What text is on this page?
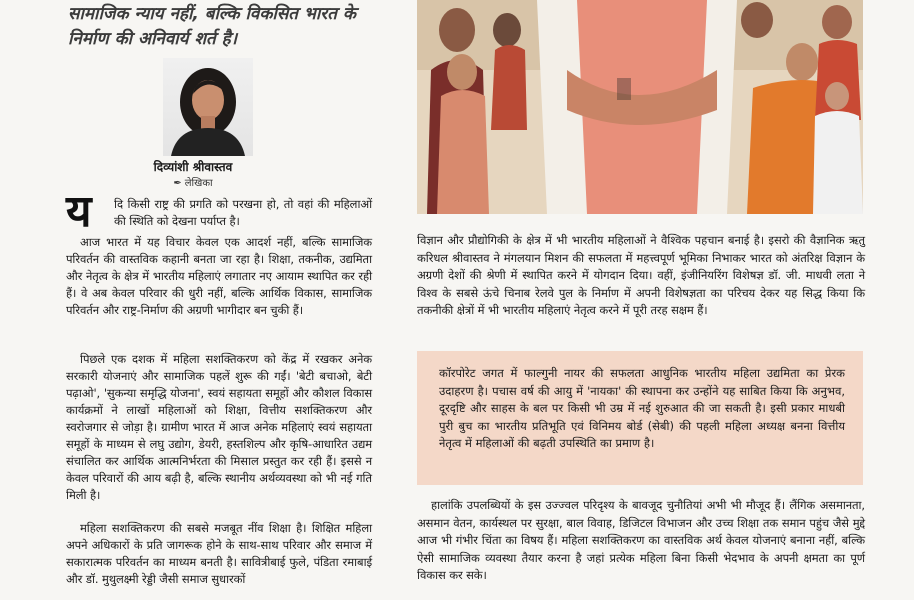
सामाजिक न्याय नहीं, बल्कि विकसित भारत के निर्माण की अनिवार्य शर्त है।
दिव्यांशी श्रीवास्तव
✒ लेखिका
य दि किसी राष्ट्र की प्रगति को परखना हो, तो वहां की महिलाओं की स्थिति को देखना पर्याप्त है।
आज भारत में यह विचार केवल एक आदर्श नहीं, बल्कि सामाजिक परिवर्तन की वास्तविक कहानी बनता जा रहा है। शिक्षा, तकनीक, उद्यमिता और नेतृत्व के क्षेत्र में भारतीय महिलाएं लगातार नए आयाम स्थापित कर रही हैं। वे अब केवल परिवार की धुरी नहीं, बल्कि आर्थिक विकास, सामाजिक परिवर्तन और राष्ट्र-निर्माण की अग्रणी भागीदार बन चुकी हैं।
पिछले एक दशक में महिला सशक्तिकरण को केंद्र में रखकर अनेक सरकारी योजनाएं और सामाजिक पहलें शुरू की गईं। 'बेटी बचाओ, बेटी पढ़ाओ', 'सुकन्या समृद्धि योजना', स्वयं सहायता समूहों और कौशल विकास कार्यक्रमों ने लाखों महिलाओं को शिक्षा, वित्तीय सशक्तिकरण और स्वरोजगार से जोड़ा है। ग्रामीण भारत में आज अनेक महिलाएं स्वयं सहायता समूहों के माध्यम से लघु उद्योग, डेयरी, हस्तशिल्प और कृषि-आधारित उद्यम संचालित कर आर्थिक आत्मनिर्भरता की मिसाल प्रस्तुत कर रही हैं। इससे न केवल परिवारों की आय बढ़ी है, बल्कि स्थानीय अर्थव्यवस्था को भी नई गति मिली है।
महिला सशक्तिकरण की सबसे मजबूत नींव शिक्षा है। शिक्षित महिला अपने अधिकारों के प्रति जागरूक होने के साथ-साथ परिवार और समाज में सकारात्मक परिवर्तन का माध्यम बनती है। सावित्रीबाई फुले, पंडिता रमाबाई और डॉ. मुथुलक्ष्मी रेड्डी जैसी समाज सुधारकों
विज्ञान और प्रौद्योगिकी के क्षेत्र में भी भारतीय महिलाओं ने वैश्विक पहचान बनाई है। इसरो की वैज्ञानिक ऋतु करिधल श्रीवास्तव ने मंगलयान मिशन की सफलता में महत्त्वपूर्ण भूमिका निभाकर भारत को अंतरिक्ष विज्ञान के अग्रणी देशों की श्रेणी में स्थापित करने में योगदान दिया। वहीं, इंजीनियरिंग विशेषज्ञ डॉ. जी. माधवी लता ने विश्व के सबसे ऊंचे चिनाब रेलवे पुल के निर्माण में अपनी विशेषज्ञता का परिचय देकर यह सिद्ध किया कि तकनीकी क्षेत्रों में भी भारतीय महिलाएं नेतृत्व करने में पूरी तरह सक्षम हैं।
कॉरपोरेट जगत में फाल्गुनी नायर की सफलता आधुनिक भारतीय महिला उद्यमिता का प्रेरक उदाहरण है। पचास वर्ष की आयु में 'नायका' की स्थापना कर उन्होंने यह साबित किया कि अनुभव, दूरदृष्टि और साहस के बल पर किसी भी उम्र में नई शुरुआत की जा सकती है। इसी प्रकार माधबी पुरी बुच का भारतीय प्रतिभूति एवं विनिमय बोर्ड (सेबी) की पहली महिला अध्यक्ष बनना वित्तीय नेतृत्व में महिलाओं की बढ़ती उपस्थिति का प्रमाण है।
हालांकि उपलब्धियों के इस उज्ज्वल परिदृश्य के बावजूद चुनौतियां अभी भी मौजूद हैं। लैंगिक असमानता, असमान वेतन, कार्यस्थल पर सुरक्षा, बाल विवाह, डिजिटल विभाजन और उच्च शिक्षा तक समान पहुंच जैसे मुद्दे आज भी गंभीर चिंता का विषय हैं। महिला सशक्तिकरण का वास्तविक अर्थ केवल योजनाएं बनाना नहीं, बल्कि ऐसी सामाजिक व्यवस्था तैयार करना है जहां प्रत्येक महिला बिना किसी भेदभाव के अपनी क्षमता का पूर्ण विकास कर सके।
